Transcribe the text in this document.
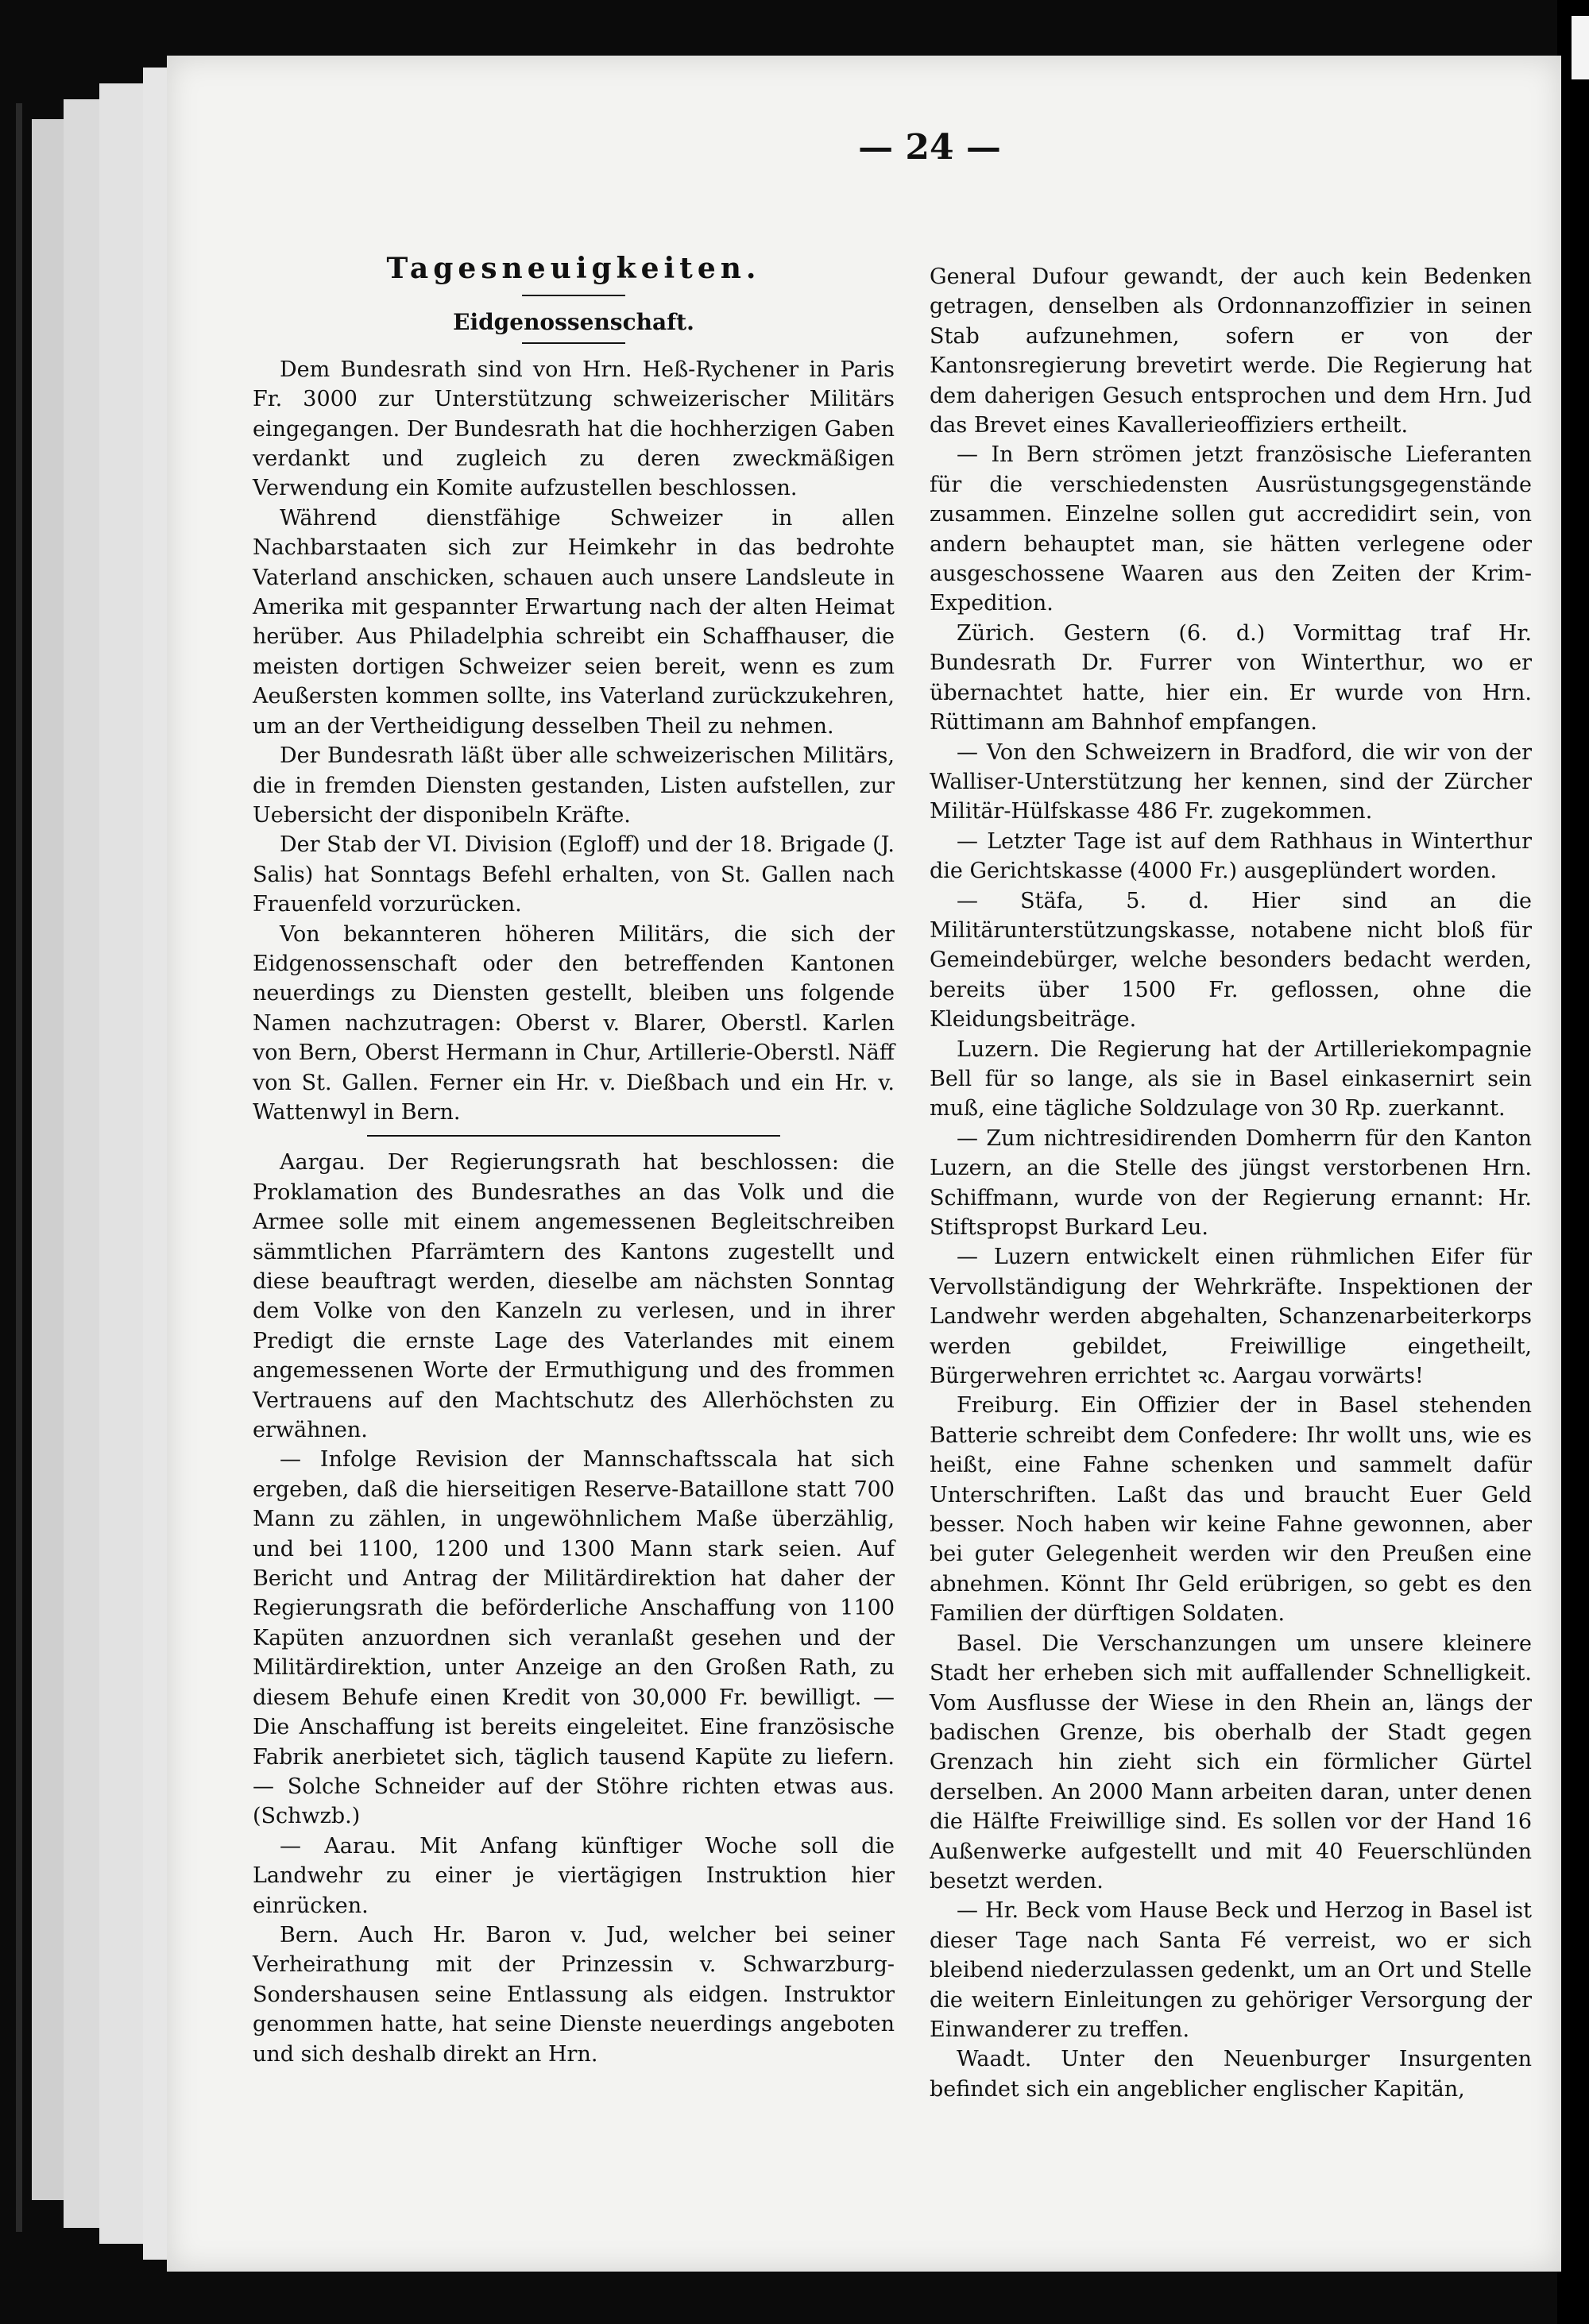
— 24 —
Tagesneuigkeiten.
Eidgenossenschaft.

Dem Bundesrath sind von Hrn. Heß-Rychener in Paris Fr. 3000 zur Unterstützung schweizerischer Militärs eingegangen. Der Bundesrath hat die hochherzigen Gaben verdankt und zugleich zu deren zweckmäßigen Verwendung ein Komite aufzustellen beschlossen.

Während dienstfähige Schweizer in allen Nachbarstaaten sich zur Heimkehr in das bedrohte Vaterland anschicken, schauen auch unsere Landsleute in Amerika mit gespannter Erwartung nach der alten Heimat herüber. Aus Philadelphia schreibt ein Schaffhauser, die meisten dortigen Schweizer seien bereit, wenn es zum Aeußersten kommen sollte, ins Vaterland zurückzukehren, um an der Vertheidigung desselben Theil zu nehmen.

Der Bundesrath läßt über alle schweizerischen Militärs, die in fremden Diensten gestanden, Listen aufstellen, zur Uebersicht der disponibeln Kräfte.

Der Stab der VI. Division (Egloff) und der 18. Brigade (J. Salis) hat Sonntags Befehl erhalten, von St. Gallen nach Frauenfeld vorzurücken.

Von bekannteren höheren Militärs, die sich der Eidgenossenschaft oder den betreffenden Kantonen neuerdings zu Diensten gestellt, bleiben uns folgende Namen nachzutragen: Oberst v. Blarer, Oberstl. Karlen von Bern, Oberst Hermann in Chur, Artillerie-Oberstl. Näff von St. Gallen. Ferner ein Hr. v. Dießbach und ein Hr. v. Wattenwyl in Bern.

Aargau. Der Regierungsrath hat beschlossen: die Proklamation des Bundesrathes an das Volk und die Armee solle mit einem angemessenen Begleitschreiben sämmtlichen Pfarrämtern des Kantons zugestellt und diese beauftragt werden, dieselbe am nächsten Sonntag dem Volke von den Kanzeln zu verlesen, und in ihrer Predigt die ernste Lage des Vaterlandes mit einem angemessenen Worte der Ermuthigung und des frommen Vertrauens auf den Machtschutz des Allerhöchsten zu erwähnen.

— Infolge Revision der Mannschaftsscala hat sich ergeben, daß die hierseitigen Reserve-Bataillone statt 700 Mann zu zählen, in ungewöhnlichem Maße überzählig, und bei 1100, 1200 und 1300 Mann stark seien. Auf Bericht und Antrag der Militärdirektion hat daher der Regierungsrath die beförderliche Anschaffung von 1100 Kapüten anzuordnen sich veranlaßt gesehen und der Militärdirektion, unter Anzeige an den Großen Rath, zu diesem Behufe einen Kredit von 30,000 Fr. bewilligt. — Die Anschaffung ist bereits eingeleitet. Eine französische Fabrik anerbietet sich, täglich tausend Kapüte zu liefern. — Solche Schneider auf der Stöhre richten etwas aus. (Schwzb.)

— Aarau. Mit Anfang künftiger Woche soll die Landwehr zu einer je viertägigen Instruktion hier einrücken.

Bern. Auch Hr. Baron v. Jud, welcher bei seiner Verheirathung mit der Prinzessin v. Schwarzburg-Sondershausen seine Entlassung als eidgen. Instruktor genommen hatte, hat seine Dienste neuerdings angeboten und sich deshalb direkt an Hrn.

General Dufour gewandt, der auch kein Bedenken getragen, denselben als Ordonnanzoffizier in seinen Stab aufzunehmen, sofern er von der Kantonsregierung brevetirt werde. Die Regierung hat dem daherigen Gesuch entsprochen und dem Hrn. Jud das Brevet eines Kavallerieoffiziers ertheilt.

— In Bern strömen jetzt französische Lieferanten für die verschiedensten Ausrüstungsgegenstände zusammen. Einzelne sollen gut accredidirt sein, von andern behauptet man, sie hätten verlegene oder ausgeschossene Waaren aus den Zeiten der Krim-Expedition.

Zürich. Gestern (6. d.) Vormittag traf Hr. Bundesrath Dr. Furrer von Winterthur, wo er übernachtet hatte, hier ein. Er wurde von Hrn. Rüttimann am Bahnhof empfangen.

— Von den Schweizern in Bradford, die wir von der Walliser-Unterstützung her kennen, sind der Zürcher Militär-Hülfskasse 486 Fr. zugekommen.

— Letzter Tage ist auf dem Rathhaus in Winterthur die Gerichtskasse (4000 Fr.) ausgeplündert worden.

— Stäfa, 5. d. Hier sind an die Militärunterstützungskasse, notabene nicht bloß für Gemeindebürger, welche besonders bedacht werden, bereits über 1500 Fr. geflossen, ohne die Kleidungsbeiträge.

Luzern. Die Regierung hat der Artilleriekompagnie Bell für so lange, als sie in Basel einkasernirt sein muß, eine tägliche Soldzulage von 30 Rp. zuerkannt.

— Zum nichtresidirenden Domherrn für den Kanton Luzern, an die Stelle des jüngst verstorbenen Hrn. Schiffmann, wurde von der Regierung ernannt: Hr. Stiftspropst Burkard Leu.

— Luzern entwickelt einen rühmlichen Eifer für Vervollständigung der Wehrkräfte. Inspektionen der Landwehr werden abgehalten, Schanzenarbeiterkorps werden gebildet, Freiwillige eingetheilt, Bürgerwehren errichtet ꝛc. Aargau vorwärts!

Freiburg. Ein Offizier der in Basel stehenden Batterie schreibt dem Confedere: Ihr wollt uns, wie es heißt, eine Fahne schenken und sammelt dafür Unterschriften. Laßt das und braucht Euer Geld besser. Noch haben wir keine Fahne gewonnen, aber bei guter Gelegenheit werden wir den Preußen eine abnehmen. Könnt Ihr Geld erübrigen, so gebt es den Familien der dürftigen Soldaten.

Basel. Die Verschanzungen um unsere kleinere Stadt her erheben sich mit auffallender Schnelligkeit. Vom Ausflusse der Wiese in den Rhein an, längs der badischen Grenze, bis oberhalb der Stadt gegen Grenzach hin zieht sich ein förmlicher Gürtel derselben. An 2000 Mann arbeiten daran, unter denen die Hälfte Freiwillige sind. Es sollen vor der Hand 16 Außenwerke aufgestellt und mit 40 Feuerschlünden besetzt werden.

— Hr. Beck vom Hause Beck und Herzog in Basel ist dieser Tage nach Santa Fé verreist, wo er sich bleibend niederzulassen gedenkt, um an Ort und Stelle die weitern Einleitungen zu gehöriger Versorgung der Einwanderer zu treffen.

Waadt. Unter den Neuenburger Insurgenten befindet sich ein angeblicher englischer Kapitän,
